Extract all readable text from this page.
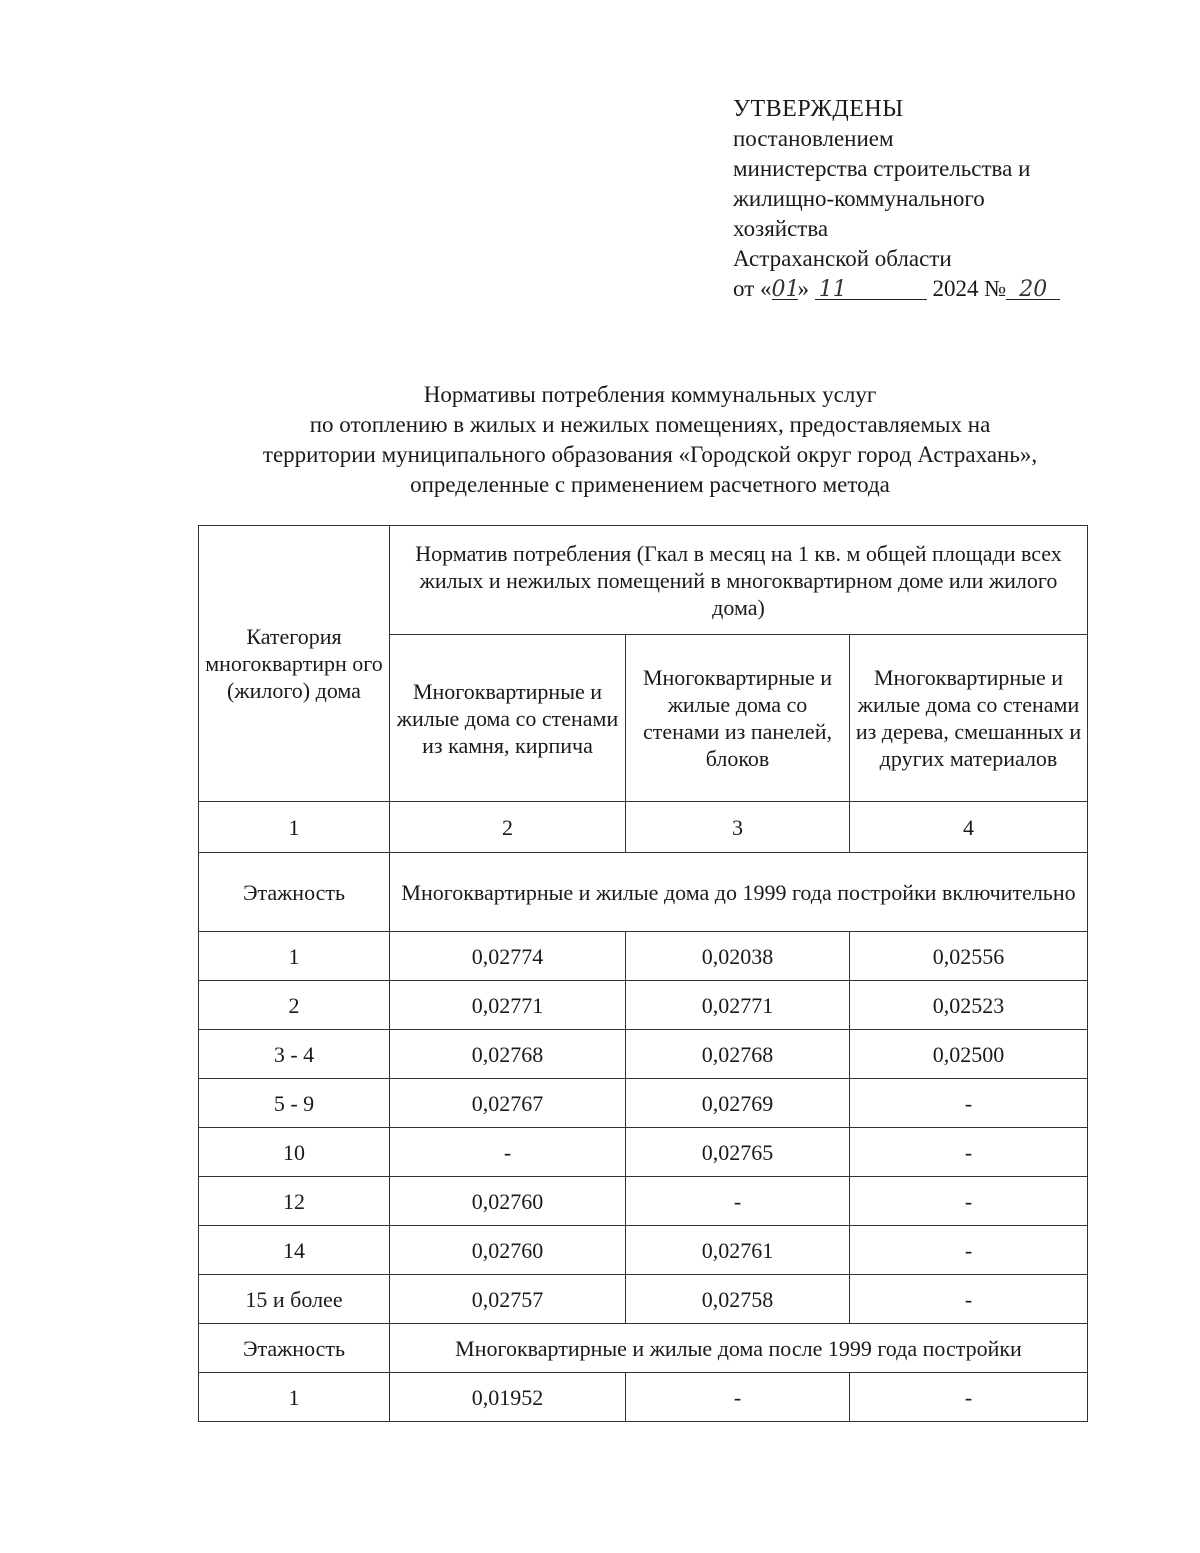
УТВЕРЖДЕНЫ
постановлением
министерства строительства и
жилищно-коммунального
хозяйства
Астраханской области
от «01» 11	2024 № 20
Нормативы потребления коммунальных услуг
по отоплению в жилых и нежилых помещениях, предоставляемых на
территории муниципального образования «Городской округ город Астрахань»,
определенные с применением расчетного метода
Категория многоквартирн ого (жилого) дома	Норматив потребления (Гкал в месяц на 1 кв. м общей площади всех жилых и нежилых помещений в многоквартирном доме или жилого дома)		
	Многоквартирные и жилые дома со стенами из камня, кирпича	Многоквартирные и жилые дома со стенами из панелей, блоков	Многоквартирные и жилые дома со стенами из дерева, смешанных и других материалов
1	2	3	4
Этажность	Многоквартирные и жилые дома до 1999 года постройки включительно		
1	0,02774	0,02038	0,02556
2	0,02771	0,02771	0,02523
3 - 4	0,02768	0,02768	0,02500
5 - 9	0,02767	0,02769	-
10	-	0,02765	-
12	0,02760	-	-
14	0,02760	0,02761	-
15 и более	0,02757	0,02758	-
Этажность	Многоквартирные и жилые дома после 1999 года постройки		
1	0,01952	-	-
